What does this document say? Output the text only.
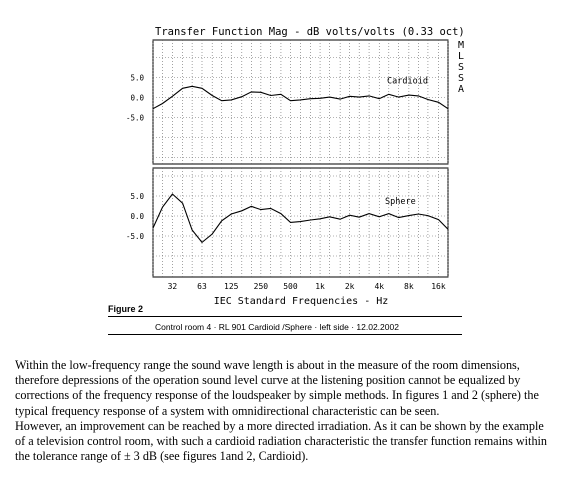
Transfer Function Mag - dB volts/volts (0.33 oct)
M
L
S
S
A
5.0
0.0
-5.0
Cardioid
5.0
0.0
-5.0
Sphere
32 63 125 250 500 1k 2k 4k 8k 16k
IEC Standard Frequencies - Hz
Figure 2
Control room 4 · RL 901 Cardioid /Sphere · left side · 12.02.2002

Within the low-frequency range the sound wave length is about in the measure of the room dimensions, therefore depressions of the operation sound level curve at the listening position cannot be equalized by corrections of the frequency response of the loudspeaker by simple methods. In figures 1 and 2 (sphere) the typical frequency response of a system with omnidirectional characteristic can be seen.

However, an improvement can be reached by a more directed irradiation. As it can be shown by the example of a television control room, with such a cardioid radiation characteristic the transfer function remains within the tolerance range of ± 3 dB (see figures 1and 2, Cardioid).
